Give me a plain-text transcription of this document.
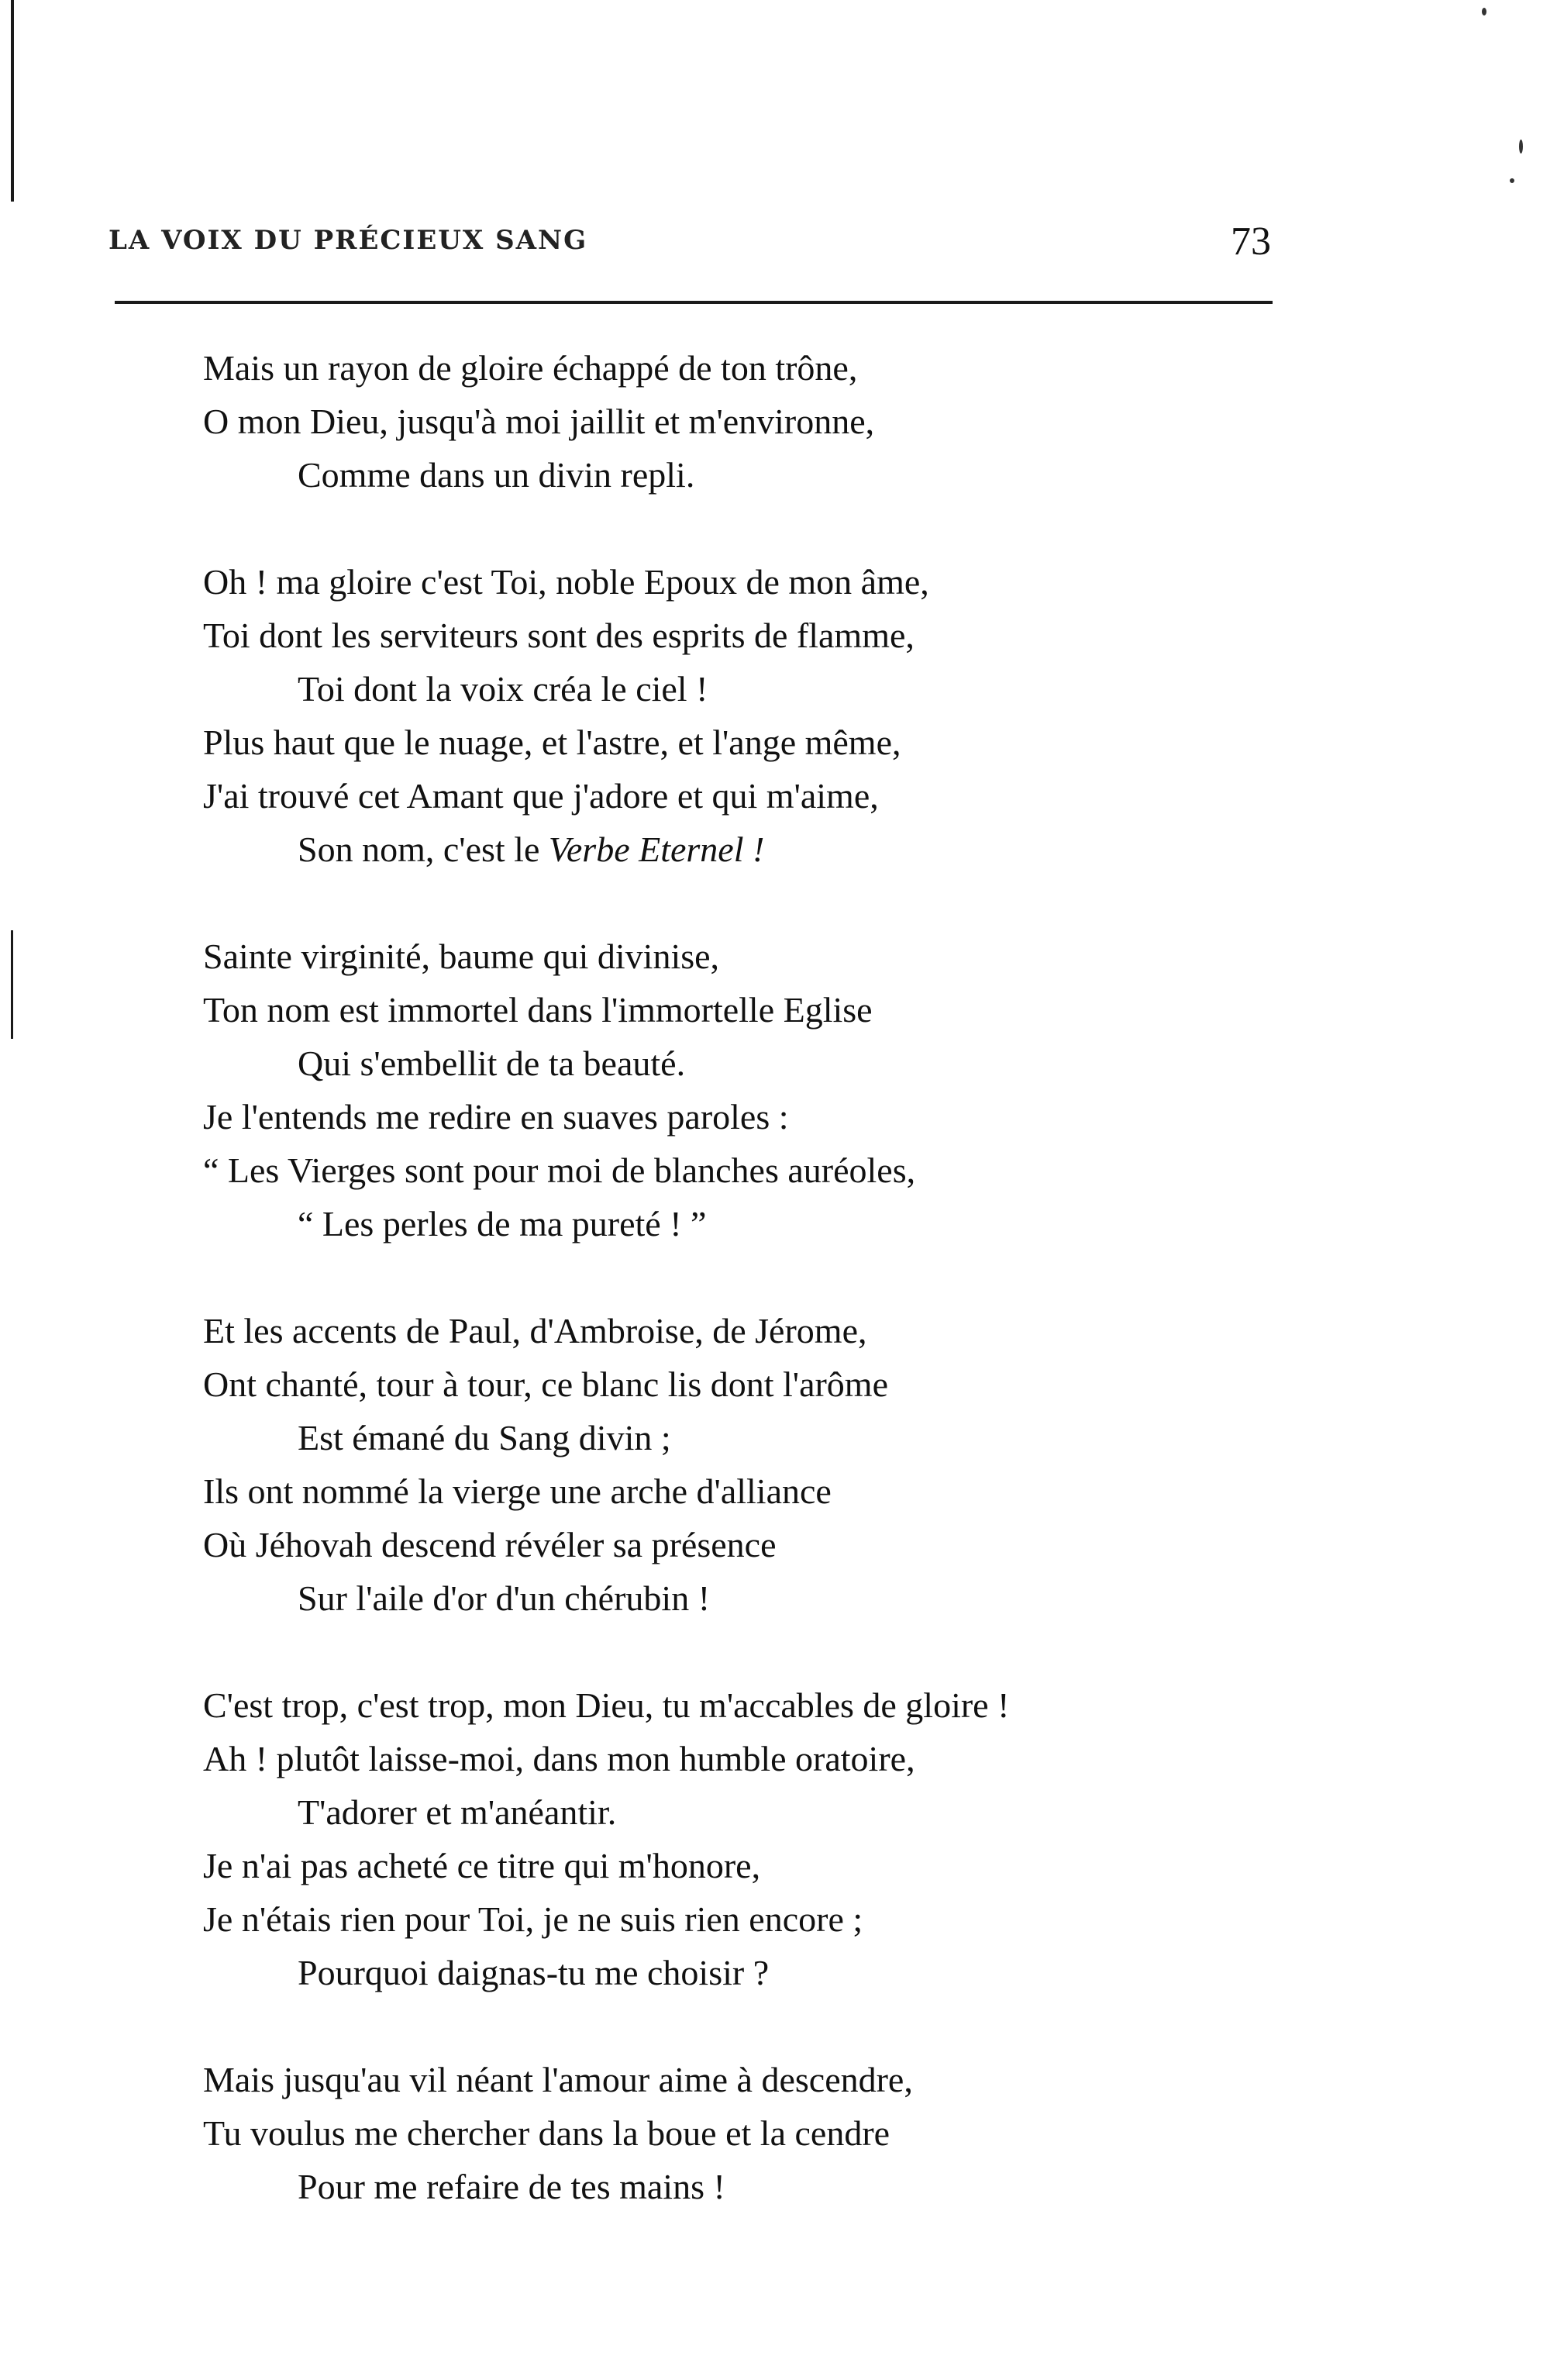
LA VOIX DU PRÉCIEUX SANG	73
Mais un rayon de gloire échappé de ton trône,
O mon Dieu, jusqu'à moi jaillit et m'environne,
Comme dans un divin repli.
Oh ! ma gloire c'est Toi, noble Epoux de mon âme,
Toi dont les serviteurs sont des esprits de flamme,
Toi dont la voix créa le ciel !
Plus haut que le nuage, et l'astre, et l'ange même,
J'ai trouvé cet Amant que j'adore et qui m'aime,
Son nom, c'est le Verbe Eternel !
Sainte virginité, baume qui divinise,
Ton nom est immortel dans l'immortelle Eglise
Qui s'embellit de ta beauté.
Je l'entends me redire en suaves paroles :
“ Les Vierges sont pour moi de blanches auréoles,
“ Les perles de ma pureté ! ”
Et les accents de Paul, d'Ambroise, de Jérome,
Ont chanté, tour à tour, ce blanc lis dont l'arôme
Est émané du Sang divin ;
Ils ont nommé la vierge une arche d'alliance
Où Jéhovah descend révéler sa présence
Sur l'aile d'or d'un chérubin !
C'est trop, c'est trop, mon Dieu, tu m'accables de gloire !
Ah ! plutôt laisse-moi, dans mon humble oratoire,
T'adorer et m'anéantir.
Je n'ai pas acheté ce titre qui m'honore,
Je n'étais rien pour Toi, je ne suis rien encore ;
Pourquoi daignas-tu me choisir ?
Mais jusqu'au vil néant l'amour aime à descendre,
Tu voulus me chercher dans la boue et la cendre
Pour me refaire de tes mains !
